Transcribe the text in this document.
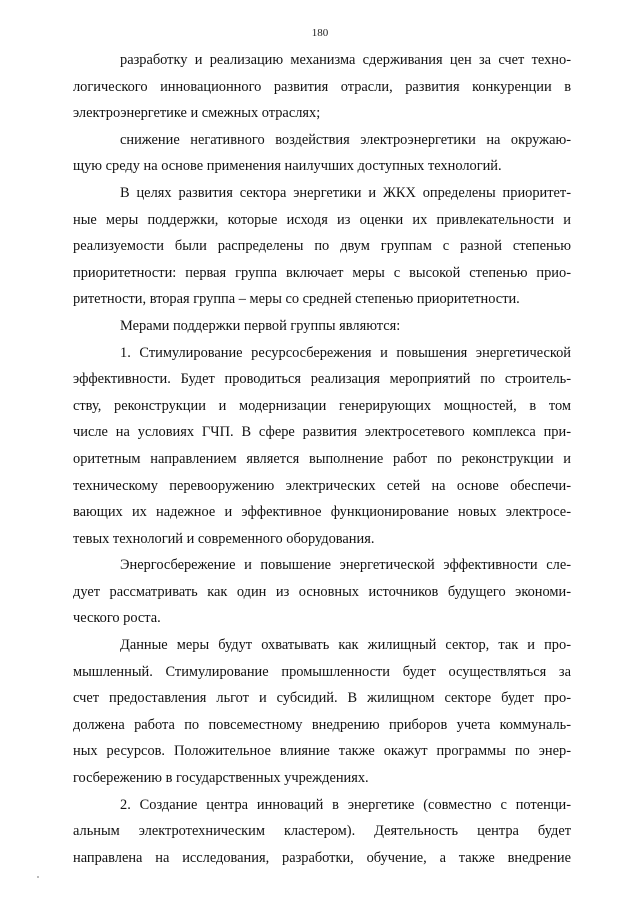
180
разработку и реализацию механизма сдерживания цен за счет техно-
логического инновационного развития отрасли, развития конкуренции в
электроэнергетике и смежных отраслях;
снижение негативного воздействия электроэнергетики на окружаю-
щую среду на основе применения наилучших доступных технологий.
В целях развития сектора энергетики и ЖКХ определены приоритет-
ные меры поддержки, которые исходя из оценки их привлекательности и
реализуемости были распределены по двум группам с разной степенью
приоритетности: первая группа включает меры с высокой степенью прио-
ритетности, вторая группа – меры со средней степенью приоритетности.
Мерами поддержки первой группы являются:
1. Стимулирование ресурсосбережения и повышения энергетической
эффективности. Будет проводиться реализация мероприятий по строитель-
ству, реконструкции и модернизации генерирующих мощностей, в том
числе на условиях ГЧП. В сфере развития электросетевого комплекса при-
оритетным направлением является выполнение работ по реконструкции и
техническому перевооружению электрических сетей на основе обеспечи-
вающих их надежное и эффективное функционирование новых электросе-
тевых технологий и современного оборудования.
Энергосбережение и повышение энергетической эффективности сле-
дует рассматривать как один из основных источников будущего экономи-
ческого роста.
Данные меры будут охватывать как жилищный сектор, так и про-
мышленный. Стимулирование промышленности будет осуществляться за
счет предоставления льгот и субсидий. В жилищном секторе будет про-
должена работа по повсеместному внедрению приборов учета коммуналь-
ных ресурсов. Положительное влияние также окажут программы по энер-
госбережению в государственных учреждениях.
2. Создание центра инноваций в энергетике (совместно с потенци-
альным электротехническим кластером). Деятельность центра будет
направлена на исследования, разработки, обучение, а также внедрение
